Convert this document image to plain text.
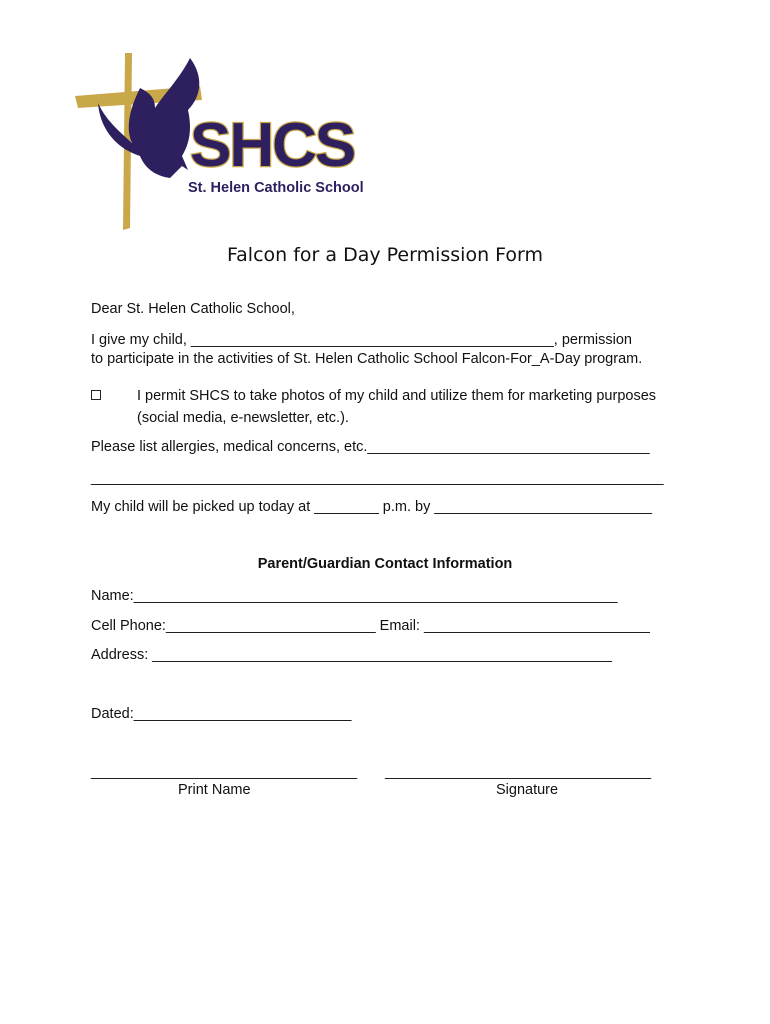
SHCS
St. Helen Catholic School
Falcon for a Day Permission Form
Dear St. Helen Catholic School,
I give my child, _____________________________________________, permission
to participate in the activities of St. Helen Catholic School Falcon-For_A-Day program.
I permit SHCS to take photos of my child and utilize them for marketing purposes
(social media, e-newsletter, etc.).
Please list allergies, medical concerns, etc.___________________________________
_______________________________________________________________________
My child will be picked up today at ________ p.m. by ___________________________
Parent/Guardian Contact Information
Name:____________________________________________________________
Cell Phone:__________________________ Email: ____________________________
Address: _________________________________________________________
Dated:___________________________
_________________________________ _________________________________
Print Name	Signature
